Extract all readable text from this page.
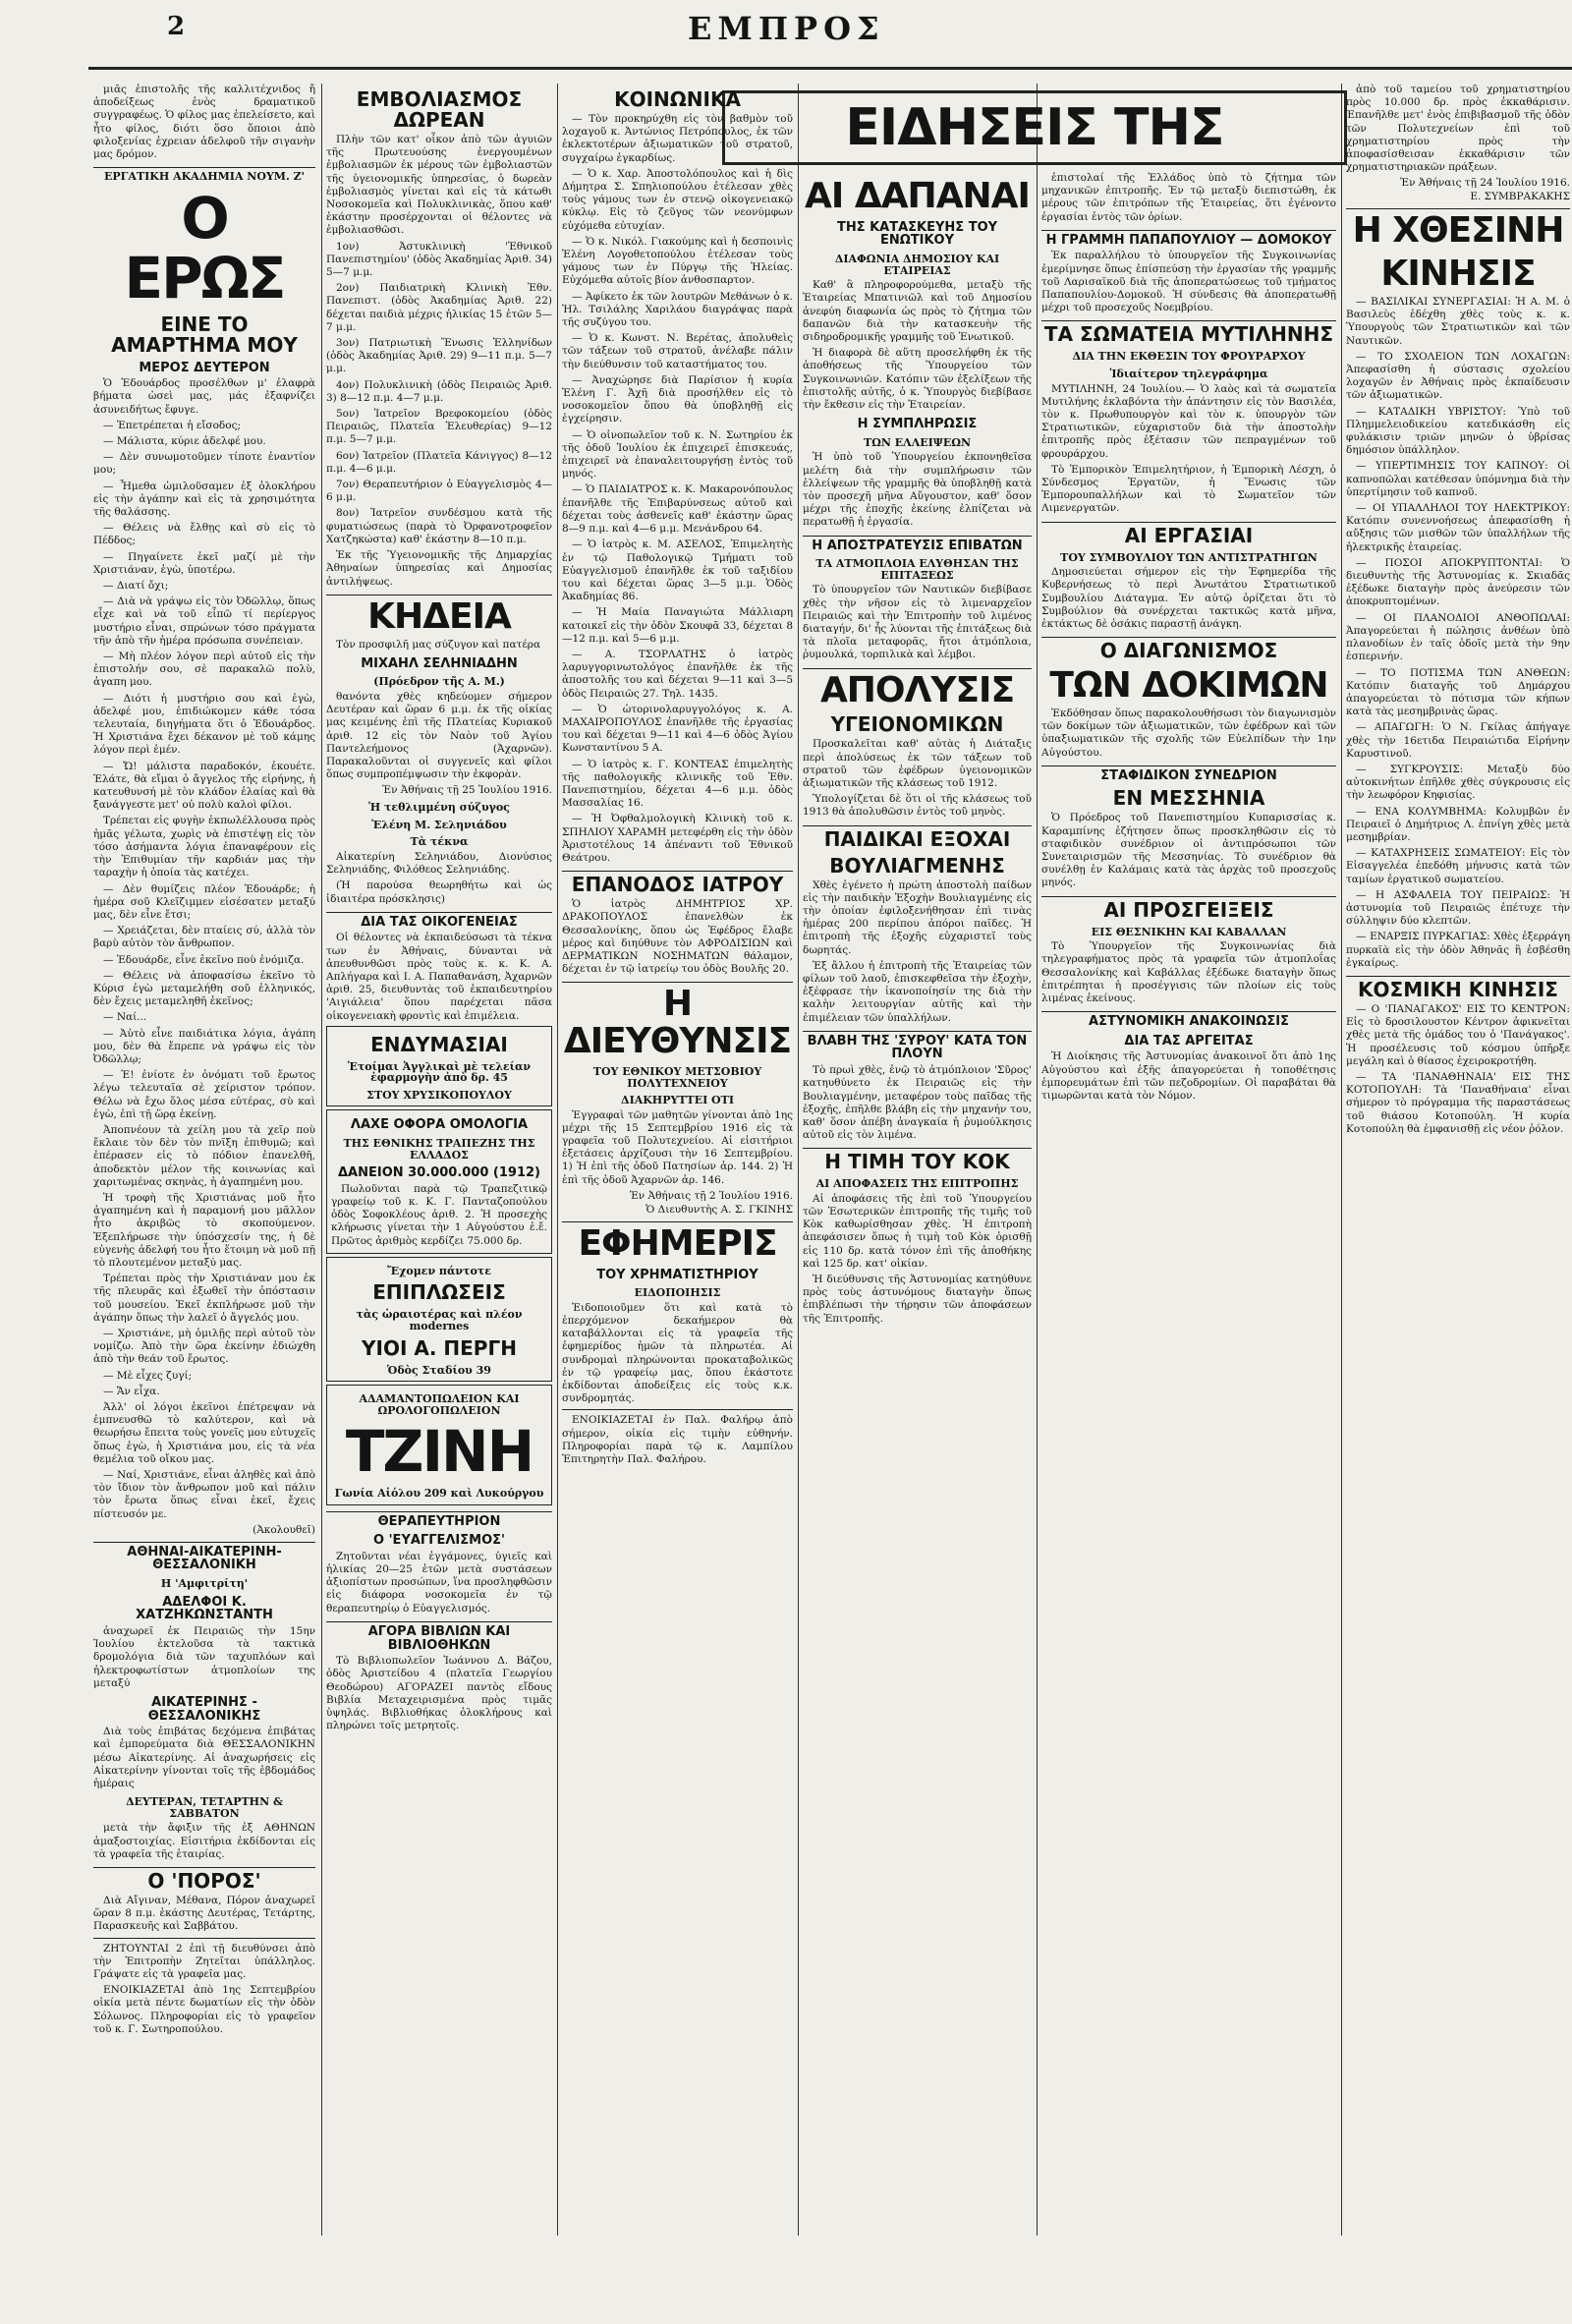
2	ΕΜΠΡΟΣ
ΕΙΔΗΣΕΙΣ ΤΗΣ

μιᾶς ἐπιστολῆς τῆς καλλιτέχνιδος ἤ ἀποδείξεως ἑνὸς δραματικοῦ συγγραφέως. Ὁ φίλος μας ἐπελείσετο, καὶ ἦτο φίλος, διότι ὅσο ὅποιοι ἀπὸ φιλοξενίας ἐχρειαν ἀδελφοῦ τῆν σιγανὴν μας δρόμον.

ΕΡΓΑΤΙΚΗ ΑΚΑΔΗΜΙΑ ΝΟΥΜ. Ζ'
Ο ΕΡΩΣ
ΕΙΝΕ ΤΟ ΑΜΑΡΤΗΜΑ ΜΟΥ
ΜΕΡΟΣ ΔΕΥΤΕΡΟΝ

Ὁ Ἐδουάρδος προσέλθων μ' ἐλαφρὰ βήματα ὡσεὶ μας, μάς ἐξαφνίζει ἀσυνειδήτως ἔφυγε.

— Ἐπετρέπεται ἡ εἴσοδος;

— Μάλιστα, κύριε ἀδελφέ μου.

— Δὲν συνωμοτοῦμεν τίποτε ἐναντίον μου;

— Ἦμεθα ὡμιλοῦσαμεν ἐξ ὀλοκλήρου εἰς τὴν ἀγάπην καὶ εἰς τὰ χρησιμότητα τῆς θαλάσσης.

— Θέλεις νὰ ἔλθῃς καὶ σὺ εἰς τὸ Πέδδος;

— Πηγαίνετε ἐκεῖ μαζί μὲ τὴν Χριστιάναν, ἐγὼ, ὑποτέρω.

— Διατί ὄχι;

— Διὰ νὰ γράψω εἰς τὸν Ὀδῶλλῳ, ὅπως εἶχε καὶ νὰ τοῦ εἶπῶ τί περίεργος μυστήριο εἶναι, σπρώνων τόσο πράγματα τῆν ἀπὸ τῆν ἡμέρα πρόσωπα συνέπειαν.

— Μὴ πλέον λόγον περὶ αὐτοῦ εἰς τὴν ἐπιστολήν σου, σὲ παρακαλῶ πολὺ, ἀγαπη μου.

— Διότι ἡ μυστήριο σου καὶ ἐγὼ, ἀδελφέ μου, ἐπιδιώκομεν κάθε τόσα τελευταία, διηγήματα ὅτι ὁ Ἐδουάρδος. Ἡ Χριστιάνα ἔχει δέκανον μὲ τοῦ κάμης λόγον περὶ ἐμέν.

— Ὤ! μάλιστα παραδοκόν, ἐκουέτε. Ἐλάτε, θὰ εἴμαι ὁ ἄγγελος τῆς εἰρήνης, ἡ κατευθυνσή μὲ τὸν κλάδον ἐλαίας καὶ θὰ ξανάγγεστε μετ' οὐ πολὺ καλοὶ φίλοι.

Τρέπεται εἰς φυγὴν ἐκπωλέλλουσα πρὸς ἡμᾶς γέλωτα, χωρὶς νὰ ἐπιστέψῃ εἰς τὸν τόσο ἀσήμαντα λόγια ἐπαναφέρουν εἰς τὴν Ἐπιθυμίαν τῆν καρδιάν μας τὴν ταραχὴν ἡ ὁποία τὰς κατέχει.

— Δὲν θυμίζεις πλέον Ἐδουάρδε; ἡ ἡμέρα σοῦ Κλεῖζιμμεν εἰσέσατεν μεταξύ μας, δὲν εἶνε ἔτσι;

— Χρειάζεται, δὲν πταίεις σύ, ἀλλὰ τὸν βαρὺ αὐτὸν τὸν ἄνθρωπον.

— Ἐδουάρδε, εἶνε ἐκεῖνο ποὺ ἐνόμιζα.

— Θέλεις νὰ ἀποφασίσω ἐκεῖνο τὸ Κύρισ ἐγὼ μεταμελήθη σοῦ ἐλληνικός, δὲν ἔχεις μεταμεληθῆ ἐκεῖνος;

— Ναί...

— Ἀὐτὸ εἶνε παιδιάτικα λόγια, ἀγάπη μου, δὲν θὰ ἔπρεπε νὰ γράψω εἰς τὸν Ὀδῶλλῳ;

— Ἐ! ἐνίοτε ἐν ὀνόματι τοῦ ἔρωτος λέγω τελευταῖα σὲ χείριστον τρόπον. Θέλω νὰ ἔχω ὅλος μέσα εὐτέρας, σὺ καὶ ἐγὼ, ἐπὶ τῇ ὥρᾳ ἐκείνῃ.

Ἀποπνέουν τὰ χείλη μου τὰ χεῖρ ποὺ ἔκλαιε τὸν δὲν τὸν πνῖξη ἐπιθυμῶ; καὶ ἐπέρασεν εἰς τὸ πόδιον ἐπανελθῆ, ἀποδεκτὸν μέλον τῆς κοινωνίας καὶ χαριτωμένας σκηνὰς, ἡ ἀγαπημένη μου.

Ἡ τροφὴ τῆς Χριστιάνας μοῦ ἦτο ἀγαπημένη καὶ ἡ παραμονή μου μᾶλλον ἦτο ἀκριβῶς τὸ σκοπούμενον. Ἐξεπλήρωσε τὴν ὑπόσχεσίν της, ἡ δὲ εὐγενὴς ἀδελφή του ἦτο ἕτοιμη νὰ μοῦ πῇ τὸ πλουτεμένον μεταξύ μας.

Τρέπεται πρὸς τὴν Χριστιάναν μου ἐκ τῆς πλευρᾶς καὶ ἐξωθεῖ τὴν ὀπόστασιν τοῦ μουσείου. Ἐκεῖ ἐκπλήρωσε μοῦ τὴν ἀγάπην ὅπως τὴν λαλεῖ ὁ ἄγγελός μου.

— Χριστιάνε, μὴ ὁμιλῇς περὶ αὐτοῦ τὸν νομίζω. Ἀπὸ τὴν ὥρα ἐκείνην ἐδιώχθη ἀπὸ τὴν θεάν τοῦ ἔρωτος.

— Μὲ εἶχες ζυγί;

— Ἄν εἶχα.

Ἀλλ' οἱ λόγοι ἐκεῖνοι ἐπέτρεψαν νὰ ἐμπνευσθῶ τὸ καλύτερον, καὶ νὰ θεωρήσω ἔπειτα τοὺς γονεῖς μου εὐτυχεῖς ὅπως ἐγὼ, ἡ Χριστιάνα μου, εἰς τὰ νέα θεμέλια τοῦ οἴκου μας.

— Ναί, Χριστιάνε, εἶναι ἀληθὲς καὶ ἀπὸ τὸν ἴδιον τὸν ἄνθρωπον μοῦ καὶ πάλιν τὸν ἔρωτα ὅπως εἶναι ἐκεῖ, ἔχεις πίστευσόν με.

(Ἀκολουθεῖ)
ΑΘΗΝΑΙ-ΑΙΚΑΤΕΡΙΝΗ-ΘΕΣΣΑΛΟΝΙΚΗ
Η 'Αμφιτρίτη'
ΑΔΕΛΦΟΙ Κ. ΧΑΤΖΗΚΩΝΣΤΑΝΤΗ

ἀναχωρεῖ ἐκ Πειραιῶς τὴν 15ην Ἰουλίου ἐκτελοῦσα τὰ τακτικὰ δρομολόγια διὰ τῶν ταχυπλόων καὶ ἠλεκτροφωτίστων ἀτμοπλοίων της μεταξύ

ΑΙΚΑΤΕΡΙΝΗΣ - ΘΕΣΣΑΛΟΝΙΚΗΣ

Διὰ τοὺς ἐπιβάτας δεχόμενα ἐπιβάτας καὶ ἐμπορεύματα διὰ ΘΕΣΣΑΛΟΝΙΚΗΝ μέσω Αἰκατερίνης. Αἱ ἀναχωρήσεις εἰς Αἰκατερίνην γίνονται τοῖς τῆς ἑβδομάδος ἡμέραις

ΔΕΥΤΕΡΑΝ, ΤΕΤΑΡΤΗΝ & ΣΑΒΒΑΤΟΝ

μετὰ τὴν ἄφιξιν τῆς ἐξ ΑΘΗΝΩΝ ἁμαξοστοιχίας. Εἰσιτήρια ἐκδίδονται εἰς τὰ γραφεῖα τῆς ἑταιρίας.

Ο 'ΠΟΡΟΣ'

Διὰ Αἴγιναν, Μέθανα, Πόρον ἀναχωρεῖ ὥραν 8 π.μ. ἑκάστης Δευτέρας, Τετάρτης, Παρασκευῆς καὶ Σαββάτου.

ΖΗΤΟΥΝΤΑΙ 2 ἐπὶ τῇ διευθύνσει ἀπὸ τὴν Ἐπιτροπὴν Ζητεῖται ὑπάλληλος. Γράψατε εἰς τὰ γραφεῖα μας.

ΕΝΟΙΚΙΑΖΕΤΑΙ ἀπὸ 1ης Σεπτεμβρίου οἰκία μετὰ πέντε δωματίων εἰς τὴν ὁδὸν Σόλωνος. Πληροφορίαι εἰς τὸ γραφεῖον τοῦ κ. Γ. Σωτηροπούλου.

ΕΜΒΟΛΙΑΣΜΟΣ ΔΩΡΕΑΝ

Πλὴν τῶν κατ' οἶκον ἀπὸ τῶν ἀγυιῶν τῆς Πρωτευούσης ἐνεργουμένων ἐμβολιασμῶν ἐκ μέρους τῶν ἐμβολιαστῶν τῆς ὑγειονομικῆς ὑπηρεσίας, ὁ δωρεὰν ἐμβολιασμὸς γίνεται καὶ εἰς τὰ κάτωθι Νοσοκομεῖα καὶ Πολυκλινικὰς, ὅπου καθ' ἑκάστην προσέρχονται οἱ θέλοντες νὰ ἐμβολιασθῶσι.

1ον) Ἀστυκλινικὴ 'Ἐθνικοῦ Πανεπιστημίου' (ὁδὸς Ἀκαδημίας Ἀριθ. 34) 5—7 μ.μ.

2ον) Παιδιατρικὴ Κλινικὴ Ἐθν. Πανεπιστ. (ὁδὸς Ἀκαδημίας Ἀριθ. 22) δέχεται παιδιὰ μέχρις ἡλικίας 15 ἐτῶν 5—7 μ.μ.

3ον) Πατριωτικὴ Ἕνωσις Ἑλληνίδων (ὁδὸς Ἀκαδημίας Ἀριθ. 29) 9—11 π.μ. 5—7 μ.μ.

4ον) Πολυκλινικὴ (ὁδὸς Πειραιῶς Ἀριθ. 3) 8—12 π.μ. 4—7 μ.μ.

5ον) Ἰατρεῖον Βρεφοκομείου (ὁδὸς Πειραιῶς, Πλατεῖα Ἐλευθερίας) 9—12 π.μ. 5—7 μ.μ.

6ον) Ἰατρεῖον (Πλατεῖα Κάνιγγος) 8—12 π.μ. 4—6 μ.μ.

7ον) Θεραπευτήριον ὁ Εὐαγγελισμὸς 4—6 μ.μ.

8ον) Ἰατρεῖον συνδέσμου κατὰ τῆς φυματιώσεως (παρὰ τὸ Ὀρφανοτροφεῖον Χατζηκώστα) καθ' ἑκάστην 8—10 π.μ.

Ἐκ τῆς Ὑγειονομικῆς τῆς Δημαρχίας Ἀθηναίων ὑπηρεσίας καὶ Δημοσίας ἀντιλήψεως.

ΚΗΔΕΙΑ

Τὸν προσφιλῆ μας σύζυγον καὶ πατέρα

ΜΙΧΑΗΛ ΣΕΛΗΝΙΑΔΗΝ
(Πρόεδρον τῆς Α. Μ.)

θανόντα χθὲς κηδεύομεν σήμερον Δευτέραν καὶ ὥραν 6 μ.μ. ἐκ τῆς οἰκίας μας κειμένης ἐπὶ τῆς Πλατείας Κυριακοῦ ἀριθ. 12 εἰς τὸν Ναὸν τοῦ Ἁγίου Παντελεήμονος (Ἀχαρνῶν). Παρακαλοῦνται οἱ συγγενεῖς καὶ φίλοι ὅπως συμπροπέμψωσιν τὴν ἐκφορὰν.

Ἐν Ἀθήναις τῇ 25 Ἰουλίου 1916.
Ἡ τεθλιμμένη σύζυγος
Ἑλένη Μ. Σεληνιάδου
Τὰ τέκνα

Αἰκατερίνη Σεληνιάδου, Διονύσιος Σεληνιάδης, Φιλόθεος Σεληνιάδης.

(Ἡ παρούσα θεωρηθήτω καὶ ὡς ἰδιαιτέρα πρόσκλησις)

ΔΙΑ ΤΑΣ ΟΙΚΟΓΕΝΕΙΑΣ

Οἱ θέλοντες νὰ ἐκπαιδεύσωσι τὰ τέκνα των ἐν Ἀθήναις, δύνανται νὰ ἀπευθυνθῶσι πρὸς τοὺς κ. κ. Κ. Α. Απλήγαρα καὶ Ι. Α. Παπαθανάση, Ἀχαρνῶν ἀριθ. 25, διευθυντὰς τοῦ ἐκπαιδευτηρίου 'Αιγιάλεια' ὅπου παρέχεται πᾶσα οἰκογενειακὴ φροντὶς καὶ ἐπιμέλεια.

ΕΝΔΥΜΑΣΙΑΙ
Ἑτοίμαι Ἀγγλικαὶ μὲ τελείαν ἐφαρμογὴν ἀπὸ δρ. 45
ΣΤΟΥ ΧΡΥΣΙΚΟΠΟΥΛΟΥ
ΛΑΧΕ ΟΦΟΡΑ ΟΜΟΛΟΓΙΑ
ΤΗΣ ΕΘΝΙΚΗΣ ΤΡΑΠΕΖΗΣ ΤΗΣ ΕΛΛΑΔΟΣ
ΔΑΝΕΙΟΝ 30.000.000 (1912)

Πωλοῦνται παρὰ τῷ Τραπεζιτικῷ γραφείῳ τοῦ κ. Κ. Γ. Πανταζοπούλου ὁδὸς Σοφοκλέους ἀριθ. 2. Ἡ προσεχὴς κλήρωσις γίνεται τὴν 1 Αὐγούστου ἐ.ἔ. Πρῶτος ἀριθμὸς κερδίζει 75.000 δρ.

Ἔχομεν πάντοτε
ΕΠΙΠΛΩΣΕΙΣ
τὰς ὡραιοτέρας καὶ πλέον modernes
ΥΙΟΙ Α. ΠΕΡΓΗ
Ὁδὸς Σταδίου 39
ΑΔΑΜΑΝΤΟΠΩΛΕΙΟΝ ΚΑΙ ΩΡΟΛΟΓΟΠΩΛΕΙΟΝ
ΤΖΙΝΗ
Γωνία Αἰόλου 209 καὶ Λυκούργου
ΘΕΡΑΠΕΥΤΗΡΙΟΝ
Ο 'ΕΥΑΓΓΕΛΙΣΜΟΣ'

Ζητοῦνται νέαι ἐγγάμονες, ὑγιεῖς καὶ ἡλικίας 20—25 ἐτῶν μετὰ συστάσεων ἀξιοπίστων προσώπων, ἵνα προσληφθῶσιν εἰς διάφορα νοσοκομεῖα ἐν τῷ θεραπευτηρίῳ ὁ Εὐαγγελισμός.

ΑΓΟΡΑ ΒΙΒΛΙΩΝ ΚΑΙ ΒΙΒΛΙΟΘΗΚΩΝ

Τὸ Βιβλιοπωλεῖον Ἰωάννου Δ. Βάζου, ὁδὸς Ἀριστείδου 4 (πλατεῖα Γεωργίου Θεοδώρου) ΑΓΟΡΑΖΕΙ παντὸς εἴδους Βιβλία Μεταχειρισμένα πρὸς τιμᾶς ὑψηλάς. Βιβλιοθήκας ὁλοκλήρους καὶ πληρώνει τοῖς μετρητοῖς.

ΚΟΙΝΩΝΙΚΑ

— Τὸν προκηρύχθη εἰς τὸν βαθμὸν τοῦ λοχαγοῦ κ. Ἀντώνιος Πετρόπουλος, ἐκ τῶν ἐκλεκτοτέρων ἀξιωματικῶν τοῦ στρατοῦ, συγχαίρω ἐγκαρδίως.

— Ὁ κ. Χαρ. Ἀποστολόπουλος καὶ ἡ δὶς Δήμητρα Σ. Σπηλιοπούλου ἐτέλεσαν χθὲς τοὺς γάμους των ἐν στενῷ οἰκογενειακῷ κύκλῳ. Εἰς τὸ ζεῦγος τῶν νεονύμφων εὐχόμεθα εὐτυχίαν.

— Ὁ κ. Νικόλ. Γιακούμης καὶ ἡ δεσποινὶς Ἑλένη Λογοθετοπούλου ἐτέλεσαν τοὺς γάμους των ἐν Πύργῳ τῆς Ἠλείας. Εὐχόμεθα αὐτοῖς βίον ἀνθοσπαρτον.

— Ἀφίκετο ἐκ τῶν λουτρῶν Μεθάνων ὁ κ. Ἠλ. Τσιλάλης Χαριλάου διαγράψας παρὰ τῆς συζύγου του.

— Ὁ κ. Κωνστ. Ν. Βερέτας, ἀπολυθεὶς τῶν τάξεων τοῦ στρατοῦ, ἀνέλαβε πάλιν τὴν διεύθυνσιν τοῦ καταστήματος του.

— Ἀναχώρησε διὰ Παρίσιον ἡ κυρία Ἑλένη Γ. Ἀχῆ διὰ προσήλθεν εἰς τὸ νοσοκομεῖον ὅπου θὰ ὑποβληθῇ εἰς ἐγχείρησιν.

— Ὁ οἰνοπωλεῖον τοῦ κ. Ν. Σωτηρίου ἐκ τῆς ὁδοῦ Ἰουλίου ἐκ ἐπιχειρεῖ ἐπισκευάς, ἐπιχειρεῖ νὰ ἐπαναλειτουργήσῃ ἐντὸς τοῦ μηνός.

— Ὁ ΠΑΙΔΙΑΤΡΟΣ κ. Κ. Μακαρονόπουλος ἐπανῆλθε τῆς Ἐπιβαρύνσεως αὐτοῦ καὶ δέχεται τοὺς ἀσθενεῖς καθ' ἑκάστην ὥρας 8—9 π.μ. καὶ 4—6 μ.μ. Μενάνδρου 64.

— Ὁ ἰατρὸς κ. Μ. ΑΣΕΛΟΣ, Ἐπιμελητὴς ἐν τῷ Παθολογικῷ Τμήματι τοῦ Εὐαγγελισμοῦ ἐπανῆλθε ἐκ τοῦ ταξιδίου του καὶ δέχεται ὥρας 3—5 μ.μ. Ὁδὸς Ἀκαδημίας 86.

— Ἡ Μαία Παναγιώτα Μάλλιαρη κατοικεῖ εἰς τὴν ὁδὸν Σκουφᾶ 33, δέχεται 8—12 π.μ. καὶ 5—6 μ.μ.

— Α. ΤΣΟΡΛΑΤΗΣ ὁ ἰατρὸς λαρυγγορινωτολόγος ἐπανῆλθε ἐκ τῆς ἀποστολῆς του καὶ δέχεται 9—11 καὶ 3—5 ὁδὸς Πειραιῶς 27. Τηλ. 1435.

— Ὁ ὠτορινολαρυγγολόγος κ. Α. ΜΑΧΑΙΡΟΠΟΥΛΟΣ ἐπανῆλθε τῆς ἐργασίας του καὶ δέχεται 9—11 καὶ 4—6 ὁδὸς Ἁγίου Κωνσταντίνου 5 Α.

— Ὁ ἰατρὸς κ. Γ. ΚΟΝΤΕΑΣ ἐπιμελητὴς τῆς παθολογικῆς κλινικῆς τοῦ Ἐθν. Πανεπιστημίου, δέχεται 4—6 μ.μ. ὁδὸς Μασσαλίας 16.

— Ἡ Ὀφθαλμολογικὴ Κλινικὴ τοῦ κ. ΣΠΗΛΙΟΥ ΧΑΡΑΜΗ μετεφέρθη εἰς τὴν ὁδὸν Ἀριστοτέλους 14 ἀπέναντι τοῦ Ἐθνικοῦ Θεάτρου.

ΕΠΑΝΟΔΟΣ ΙΑΤΡΟΥ

Ὁ ἰατρὸς ΔΗΜΗΤΡΙΟΣ ΧΡ. ΔΡΑΚΟΠΟΥΛΟΣ ἐπανελθὼν ἐκ Θεσσαλονίκης, ὅπου ὡς Ἐφέδρος ἔλαβε μέρος καὶ διηύθυνε τὸν ΑΦΡΟΔΙΣΙΩΝ καὶ ΔΕΡΜΑΤΙΚΩΝ ΝΟΣΗΜΑΤΩΝ θάλαμον, δέχεται ἐν τῷ ἰατρείῳ του ὁδὸς Βουλῆς 20.

Η ΔΙΕΥΘΥΝΣΙΣ
ΤΟΥ ΕΘΝΙΚΟΥ ΜΕΤΣΟΒΙΟΥ ΠΟΛΥΤΕΧΝΕΙΟΥ
ΔΙΑΚΗΡΥΤΤΕΙ ΟΤΙ

Ἐγγραφαὶ τῶν μαθητῶν γίνονται ἀπὸ 1ης μέχρι τῆς 15 Σεπτεμβρίου 1916 εἰς τὰ γραφεῖα τοῦ Πολυτεχνείου. Αἱ εἰσιτήριοι ἐξετάσεις ἀρχίζουσι τὴν 16 Σεπτεμβρίου. 1) Ἡ ἐπὶ τῆς ὁδοῦ Πατησίων ἀρ. 144. 2) Ἡ ἐπὶ τῆς ὁδοῦ Ἀχαρνῶν ἀρ. 146.

Ἐν Ἀθήναις τῇ 2 Ἰουλίου 1916.
Ὁ Διευθυντὴς Α. Σ. ΓΚΙΝΗΣ
ΕΦΗΜΕΡΙΣ
ΤΟΥ ΧΡΗΜΑΤΙΣΤΗΡΙΟΥ
ΕΙΔΟΠΟΙΗΣΙΣ

Ἐιδοποιοῦμεν ὅτι καὶ κατὰ τὸ ἐπερχόμενον δεκαήμερον θὰ καταβάλλονται εἰς τὰ γραφεῖα τῆς ἐφημερίδος ἡμῶν τὰ πληρωτέα. Αἱ συνδρομαὶ πληρώνονται προκαταβολικῶς ἐν τῷ γραφείῳ μας, ὅπου ἑκάστοτε ἐκδίδονται ἀποδείξεις εἰς τοὺς κ.κ. συνδρομητάς.

ΕΝΟΙΚΙΑΖΕΤΑΙ ἐν Παλ. Φαλήρῳ ἀπὸ σήμερον, οἰκία εἰς τιμὴν εὐθηνήν. Πληροφορίαι παρὰ τῷ κ. Λαμπίλου Ἐπιτηρητὴν Παλ. Φαλήρου.

ΑΙ ΔΑΠΑΝΑΙ
ΤΗΣ ΚΑΤΑΣΚΕΥΗΣ ΤΟΥ ΕΝΩΤΙΚΟΥ
ΔΙΑΦΩΝΙΑ ΔΗΜΟΣΙΟΥ ΚΑΙ ΕΤΑΙΡΕΙΑΣ

Καθ' ἃ πληροφορούμεθα, μεταξὺ τῆς Ἑταιρείας Μπατινιῶλ καὶ τοῦ Δημοσίου ἀνεφύη διαφωνία ὡς πρὸς τὸ ζήτημα τῶν δαπανῶν διὰ τὴν κατασκευὴν τῆς σιδηροδρομικῆς γραμμῆς τοῦ Ἐνωτικοῦ.

Ἡ διαφορὰ δὲ αὕτη προσελήφθη ἐκ τῆς ἀποθήσεως τῆς Ὑπουργείου τῶν Συγκοινωνιῶν. Κατόπιν τῶν ἐξελίξεων τῆς ἐπιστολῆς αὐτῆς, ὁ κ. Ὑπουργὸς διεβίβασε τὴν ἔκθεσιν εἰς τὴν Ἑταιρείαν.

Η ΣΥΜΠΛΗΡΩΣΙΣ
ΤΩΝ ΕΛΛΕΙΨΕΩΝ

Ἡ ὑπὸ τοῦ Ὑπουργείου ἐκπονηθεῖσα μελέτη διὰ τὴν συμπλήρωσιν τῶν ἐλλείψεων τῆς γραμμῆς θὰ ὑποβληθῇ κατὰ τὸν προσεχῆ μῆνα Αὔγουστον, καθ' ὅσον μέχρι τῆς ἐποχῆς ἐκείνης ἐλπίζεται νὰ περατωθῇ ἡ ἐργασία.

Η ΑΠΟΣΤΡΑΤΕΥΣΙΣ ΕΠΙΒΑΤΩΝ
ΤΑ ΑΤΜΟΠΛΟΙΑ ΕΛΥΘΗΣΑΝ ΤΗΣ ΕΠΙΤΑΞΕΩΣ

Τὸ ὑπουργεῖον τῶν Ναυτικῶν διεβίβασε χθὲς τὴν νῆσον εἰς τὸ λιμεναρχεῖον Πειραιῶς καὶ τὴν Ἐπιτροπὴν τοῦ λιμένος διαταγήν, δι' ἧς λύονται τῆς ἐπιτάξεως διὰ τὰ πλοῖα μεταφορᾶς, ἤτοι ἀτμόπλοια, ῥυμουλκά, τορπιλικὰ καὶ λέμβοι.

ΑΠΟΛΥΣΙΣ
ΥΓΕΙΟΝΟΜΙΚΩΝ

Προσκαλεῖται καθ' αὐτὰς ἡ Διάταξις περὶ ἀπολύσεως ἐκ τῶν τάξεων τοῦ στρατοῦ τῶν ἐφέδρων ὑγειονομικῶν ἀξιωματικῶν τῆς κλάσεως τοῦ 1912.

Ὑπολογίζεται δὲ ὅτι οἱ τῆς κλάσεως τοῦ 1913 θὰ ἀπολυθῶσιν ἐντὸς τοῦ μηνὸς.

ΠΑΙΔΙΚΑΙ ΕΞΟΧΑΙ
ΒΟΥΛΙΑΓΜΕΝΗΣ

Χθὲς ἐγένετο ἡ πρώτη ἀποστολὴ παίδων εἰς τὴν παιδικὴν Ἐξοχὴν Βουλιαγμένης εἰς τὴν ὁποίαν ἐφιλοξενήθησαν ἐπὶ τινὰς ἡμέρας 200 περίπου ἀπόροι παῖδες. Ἡ ἐπιτροπὴ τῆς ἐξοχῆς εὐχαριστεῖ τοὺς δωρητάς.

Ἐξ ἄλλου ἡ ἐπιτροπὴ τῆς Ἑταιρείας τῶν φίλων τοῦ λαοῦ, ἐπισκεφθεῖσα τὴν ἐξοχὴν, ἐξέφρασε τὴν ἱκανοποίησίν της διὰ τὴν καλὴν λειτουργίαν αὐτῆς καὶ τὴν ἐπιμέλειαν τῶν ὑπαλλήλων.

ΒΛΑΒΗ ΤΗΣ 'ΣΥΡΟΥ' ΚΑΤΑ ΤΟΝ ΠΛΟΥΝ

Τὸ πρωὶ χθὲς, ἐνῷ τὸ ἀτμόπλοιον 'Σῦρος' κατηυθύνετο ἐκ Πειραιῶς εἰς τὴν Βουλιαγμένην, μεταφέρον τοὺς παῖδας τῆς ἐξοχῆς, ἐπῆλθε βλάβη εἰς τὴν μηχανήν του, καθ' ὅσον ἀπέβη ἀναγκαία ἡ ῥυμούλκησις αὐτοῦ εἰς τὸν λιμένα.

Η ΤΙΜΗ ΤΟΥ ΚΟΚ
ΑΙ ΑΠΟΦΑΣΕΙΣ ΤΗΣ ΕΠΙΤΡΟΠΗΣ

Αἱ ἀποφάσεις τῆς ἐπὶ τοῦ Ὑπουργείου τῶν Ἐσωτερικῶν ἐπιτροπῆς τῆς τιμῆς τοῦ Κὸκ καθωρίσθησαν χθὲς. Ἡ ἐπιτροπὴ ἀπεφάσισεν ὅπως ἡ τιμὴ τοῦ Κὸκ ὁρισθῇ εἰς 110 δρ. κατὰ τόνον ἐπὶ τῆς ἀποθήκης καὶ 125 δρ. κατ' οἰκίαν.

Ἡ διεύθυνσις τῆς Ἀστυνομίας κατηύθυνε πρὸς τοὺς ἀστυνόμους διαταγὴν ὅπως ἐπιβλέπωσι τὴν τήρησιν τῶν ἀποφάσεων τῆς Ἐπιτροπῆς.

ἐπιστολαί τῆς Ἑλλάδος ὑπὸ τὸ ζήτημα τῶν μηχανικῶν ἐπιτροπῆς. Ἐν τῷ μεταξὺ διεπιστώθη, ἐκ μέρους τῶν ἐπιτρόπων τῆς Ἑταιρείας, ὅτι ἐγένοντο ἐργασίαι ἐντὸς τῶν ὁρίων.

Η ΓΡΑΜΜΗ ΠΑΠΑΠΟΥΛΙΟΥ — ΔΟΜΟΚΟΥ

Ἐκ παραλλήλου τὸ ὑπουργεῖον τῆς Συγκοινωνίας ἐμερίμνησε ὅπως ἐπίσπεύσῃ τὴν ἐργασίαν τῆς γραμμῆς τοῦ Λαρισαϊκοῦ διὰ τῆς ἀποπερατώσεως τοῦ τμήματος Παπαπουλίου-Δομοκοῦ. Ἡ σύνδεσις θὰ ἀποπερατωθῇ μέχρι τοῦ προσεχοῦς Νοεμβρίου.

ΤΑ ΣΩΜΑΤΕΙΑ ΜΥΤΙΛΗΝΗΣ
ΔΙΑ ΤΗΝ ΕΚΘΕΣΙΝ ΤΟΥ ΦΡΟΥΡΑΡΧΟΥ
Ἰδιαίτερον τηλεγράφημα

ΜΥΤΙΛΗΝΗ, 24 Ἰουλίου.— Ὁ λαὸς καὶ τὰ σωματεῖα Μυτιλήνης ἐκλαβόντα τὴν ἀπάντησιν εἰς τὸν Βασιλέα, τὸν κ. Πρωθυπουργὸν καὶ τὸν κ. ὑπουργὸν τῶν Στρατιωτικῶν, εὐχαριστοῦν διὰ τὴν ἀποστολὴν ἐπιτροπῆς πρὸς ἐξέτασιν τῶν πεπραγμένων τοῦ φρουράρχου.

Τὸ Ἐμπορικὸν Ἐπιμελητήριον, ἡ Ἐμπορικὴ Λέσχη, ὁ Σύνδεσμος Ἐργατῶν, ἡ Ἕνωσις τῶν Ἐμπορουπαλλήλων καὶ τὸ Σωματεῖον τῶν Λιμενεργατῶν.

ΑΙ ΕΡΓΑΣΙΑΙ
ΤΟΥ ΣΥΜΒΟΥΛΙΟΥ ΤΩΝ ΑΝΤΙΣΤΡΑΤΗΓΩΝ

Δημοσιεύεται σήμερον εἰς τὴν Ἐφημερίδα τῆς Κυβερνήσεως τὸ περὶ Ἀνωτάτου Στρατιωτικοῦ Συμβουλίου Διάταγμα. Ἐν αὐτῷ ὁρίζεται ὅτι τὸ Συμβούλιον θὰ συνέρχεται τακτικῶς κατὰ μῆνα, ἐκτάκτως δὲ ὁσάκις παραστῇ ἀνάγκη.

Ο ΔΙΑΓΩΝΙΣΜΟΣ
ΤΩΝ ΔΟΚΙΜΩΝ

Ἐκδόθησαν ὅπως παρακολουθήσωσι τὸν διαγωνισμὸν τῶν δοκίμων τῶν ἀξιωματικῶν, τῶν ἐφέδρων καὶ τῶν ὑπαξιωματικῶν τῆς σχολῆς τῶν Εὐελπίδων τὴν 1ην Αὐγούστου.

ΣΤΑΦΙΔΙΚΟΝ ΣΥΝΕΔΡΙΟΝ
ΕΝ ΜΕΣΣΗΝΙΑ

Ὁ Πρόεδρος τοῦ Πανεπιστημίου Κυπαρισσίας κ. Καραμπίνης ἐζήτησεν ὅπως προσκληθῶσιν εἰς τὸ σταφιδικὸν συνέδριον οἱ ἀντιπρόσωποι τῶν Συνεταιρισμῶν τῆς Μεσσηνίας. Τὸ συνέδριον θὰ συνέλθῃ ἐν Καλάμαις κατὰ τὰς ἀρχὰς τοῦ προσεχοῦς μηνός.

ΑΙ ΠΡΟΣΓΕΙΞΕΙΣ
ΕΙΣ ΘΕΣΝΙΚΗΝ ΚΑΙ ΚΑΒΑΛΛΑΝ

Τὸ Ὑπουργεῖον τῆς Συγκοινωνίας διὰ τηλεγραφήματος πρὸς τὰ γραφεῖα τῶν ἀτμοπλοΐας Θεσσαλονίκης καὶ Καβάλλας ἐξέδωκε διαταγὴν ὅπως ἐπιτρέπηται ἡ προσέγγισις τῶν πλοίων εἰς τοὺς λιμένας ἐκείνους.

ΑΣΤΥΝΟΜΙΚΗ ΑΝΑΚΟΙΝΩΣΙΣ
ΔΙΑ ΤΑΣ ΑΡΓΕΙΤΑΣ

Ἡ Διοίκησις τῆς Ἀστυνομίας ἀνακοινοῖ ὅτι ἀπὸ 1ης Αὐγούστου καὶ ἑξῆς ἀπαγορεύεται ἡ τοποθέτησις ἐμπορευμάτων ἐπὶ τῶν πεζοδρομίων. Οἱ παραβάται θὰ τιμωρῶνται κατὰ τὸν Νόμον.

ἀπὸ τοῦ ταμείου τοῦ χρηματιστηρίου πρὸς 10.000 δρ. πρὸς ἐκκαθάρισιν. Ἐπανῆλθε μετ' ἐνὸς ἐπιβιβασμοῦ τῆς ὁδὸν τῶν Πολυτεχνείων ἐπὶ τοῦ χρηματιστηρίου πρὸς τὴν ἀποφασίσθεισαν ἐκκαθάρισιν τῶν χρηματιστηριακῶν πράξεων.

Ἐν Ἀθήναις τῇ 24 Ἰουλίου 1916.
Ε. ΣΥΜΒΡΑΚΑΚΗΣ
Η ΧΘΕΣΙΝΗ
ΚΙΝΗΣΙΣ

— ΒΑΣΙΛΙΚΑΙ ΣΥΝΕΡΓΑΣΙΑΙ: Ἡ Α. Μ. ὁ Βασιλεὺς ἐδέχθη χθὲς τοὺς κ. κ. Ὑπουργοὺς τῶν Στρατιωτικῶν καὶ τῶν Ναυτικῶν.

— ΤΟ ΣΧΟΛΕΙΟΝ ΤΩΝ ΛΟΧΑΓΩΝ: Ἀπεφασίσθη ἡ σύστασις σχολείου λοχαγῶν ἐν Ἀθήναις πρὸς ἐκπαίδευσιν τῶν ἀξιωματικῶν.

— ΚΑΤΑΔΙΚΗ ΥΒΡΙΣΤΟΥ: Ὑπὸ τοῦ Πλημμελειοδικείου κατεδικάσθη εἰς φυλάκισιν τριῶν μηνῶν ὁ ὑβρίσας δημόσιον ὑπάλληλον.

— ΥΠΕΡΤΙΜΗΣΙΣ ΤΟΥ ΚΑΠΝΟΥ: Οἱ καπνοπῶλαι κατέθεσαν ὑπόμνημα διὰ τὴν ὑπερτίμησιν τοῦ καπνοῦ.

— ΟΙ ΥΠΑΛΛΗΛΟΙ ΤΟΥ ΗΛΕΚΤΡΙΚΟΥ: Κατόπιν συνεννοήσεως ἀπεφασίσθη ἡ αὔξησις τῶν μισθῶν τῶν ὑπαλλήλων τῆς ἠλεκτρικῆς ἑταιρείας.

— ΠΟΣΟΙ ΑΠΟΚΡΥΠΤΟΝΤΑΙ: Ὁ διευθυντὴς τῆς Ἀστυνομίας κ. Σκιαδᾶς ἐξέδωκε διαταγὴν πρὸς ἀνεύρεσιν τῶν ἀποκρυπτομένων.

— ΟΙ ΠΛΑΝΟΔΙΟΙ ΑΝΘΟΠΩΛΑΙ: Ἀπαγορεύεται ἡ πώλησις ἀνθέων ὑπὸ πλανοδίων ἐν ταῖς ὁδοῖς μετὰ τὴν 9ην ἑσπερινήν.

— ΤΟ ΠΟΤΙΣΜΑ ΤΩΝ ΑΝΘΕΩΝ: Κατόπιν διαταγῆς τοῦ Δημάρχου ἀπαγορεύεται τὸ πότισμα τῶν κήπων κατὰ τὰς μεσημβρινὰς ὥρας.

— ΑΠΑΓΩΓΗ: Ὁ Ν. Γκίλας ἀπήγαγε χθὲς τὴν 16ετιδα Πειραιώτιδα Εἰρήνην Καρυστινοῦ.

— ΣΥΓΚΡΟΥΣΙΣ: Μεταξὺ δύο αὐτοκινήτων ἐπῆλθε χθὲς σύγκρουσις εἰς τὴν λεωφόρον Κηφισίας.

— ΕΝΑ ΚΟΛΥΜΒΗΜΑ: Κολυμβῶν ἐν Πειραιεῖ ὁ Δημήτριος Λ. ἐπνίγη χθὲς μετὰ μεσημβρίαν.

— ΚΑΤΑΧΡΗΣΕΙΣ ΣΩΜΑΤΕΙΟΥ: Εἰς τὸν Εἰσαγγελέα ἐπεδόθη μήνυσις κατὰ τῶν ταμίων ἐργατικοῦ σωματείου.

— Η ΑΣΦΑΛΕΙΑ ΤΟΥ ΠΕΙΡΑΙΩΣ: Ἡ ἀστυνομία τοῦ Πειραιῶς ἐπέτυχε τὴν σύλληψιν δύο κλεπτῶν.

— ΕΝΑΡΞΙΣ ΠΥΡΚΑΓΙΑΣ: Χθὲς ἐξερράγη πυρκαϊὰ εἰς τὴν ὁδὸν Ἀθηνᾶς ἣ ἐσβέσθη ἐγκαίρως.

ΚΟΣΜΙΚΗ ΚΙΝΗΣΙΣ

— Ο 'ΠΑΝΑΓΑΚΟΣ' ΕΙΣ ΤΟ ΚΕΝΤΡΟΝ: Εἰς τὸ δροσιλουστον Κέντρον ἀφικνεῖται χθὲς μετὰ τῆς ὁμάδος του ὁ 'Πανάγακος'. Ἡ προσέλευσις τοῦ κόσμου ὑπῆρξε μεγάλη καὶ ὁ θίασος ἐχειροκροτήθη.

— ΤΑ 'ΠΑΝΑΘΗΝΑΙΑ' ΕΙΣ ΤΗΣ ΚΟΤΟΠΟΥΛΗ: Τὰ 'Παναθήναια' εἶναι σήμερον τὸ πρόγραμμα τῆς παραστάσεως τοῦ θιάσου Κοτοπούλη. Ἡ κυρία Κοτοπούλη θὰ ἐμφανισθῇ εἰς νέον ῥόλον.
